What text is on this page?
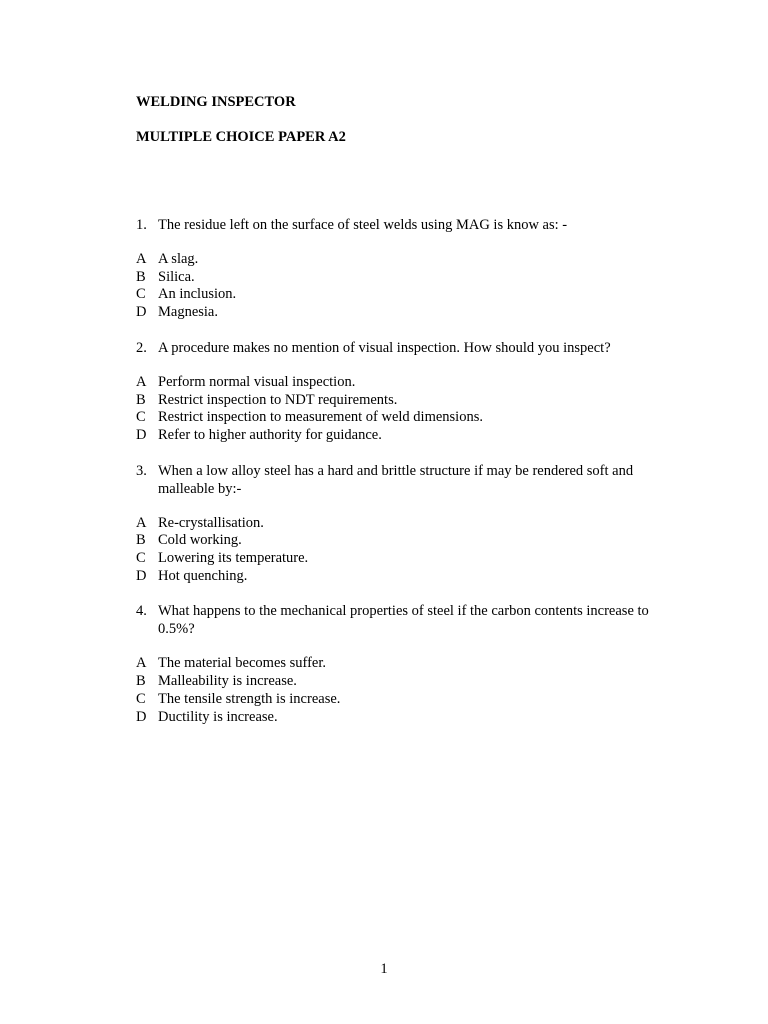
WELDING INSPECTOR

MULTIPLE CHOICE PAPER A2

1. The residue left on the surface of steel welds using MAG is know as: -
A A slag.
B Silica.
C An inclusion.
D Magnesia.
2. A procedure makes no mention of visual inspection. How should you inspect?
A Perform normal visual inspection.
B Restrict inspection to NDT requirements.
C Restrict inspection to measurement of weld dimensions.
D Refer to higher authority for guidance.
3. When a low alloy steel has a hard and brittle structure if may be rendered soft and malleable by:-
A Re-crystallisation.
B Cold working.
C Lowering its temperature.
D Hot quenching.
4. What happens to the mechanical properties of steel if the carbon contents increase to 0.5%?
A The material becomes suffer.
B Malleability is increase.
C The tensile strength is increase.
D Ductility is increase.
1
